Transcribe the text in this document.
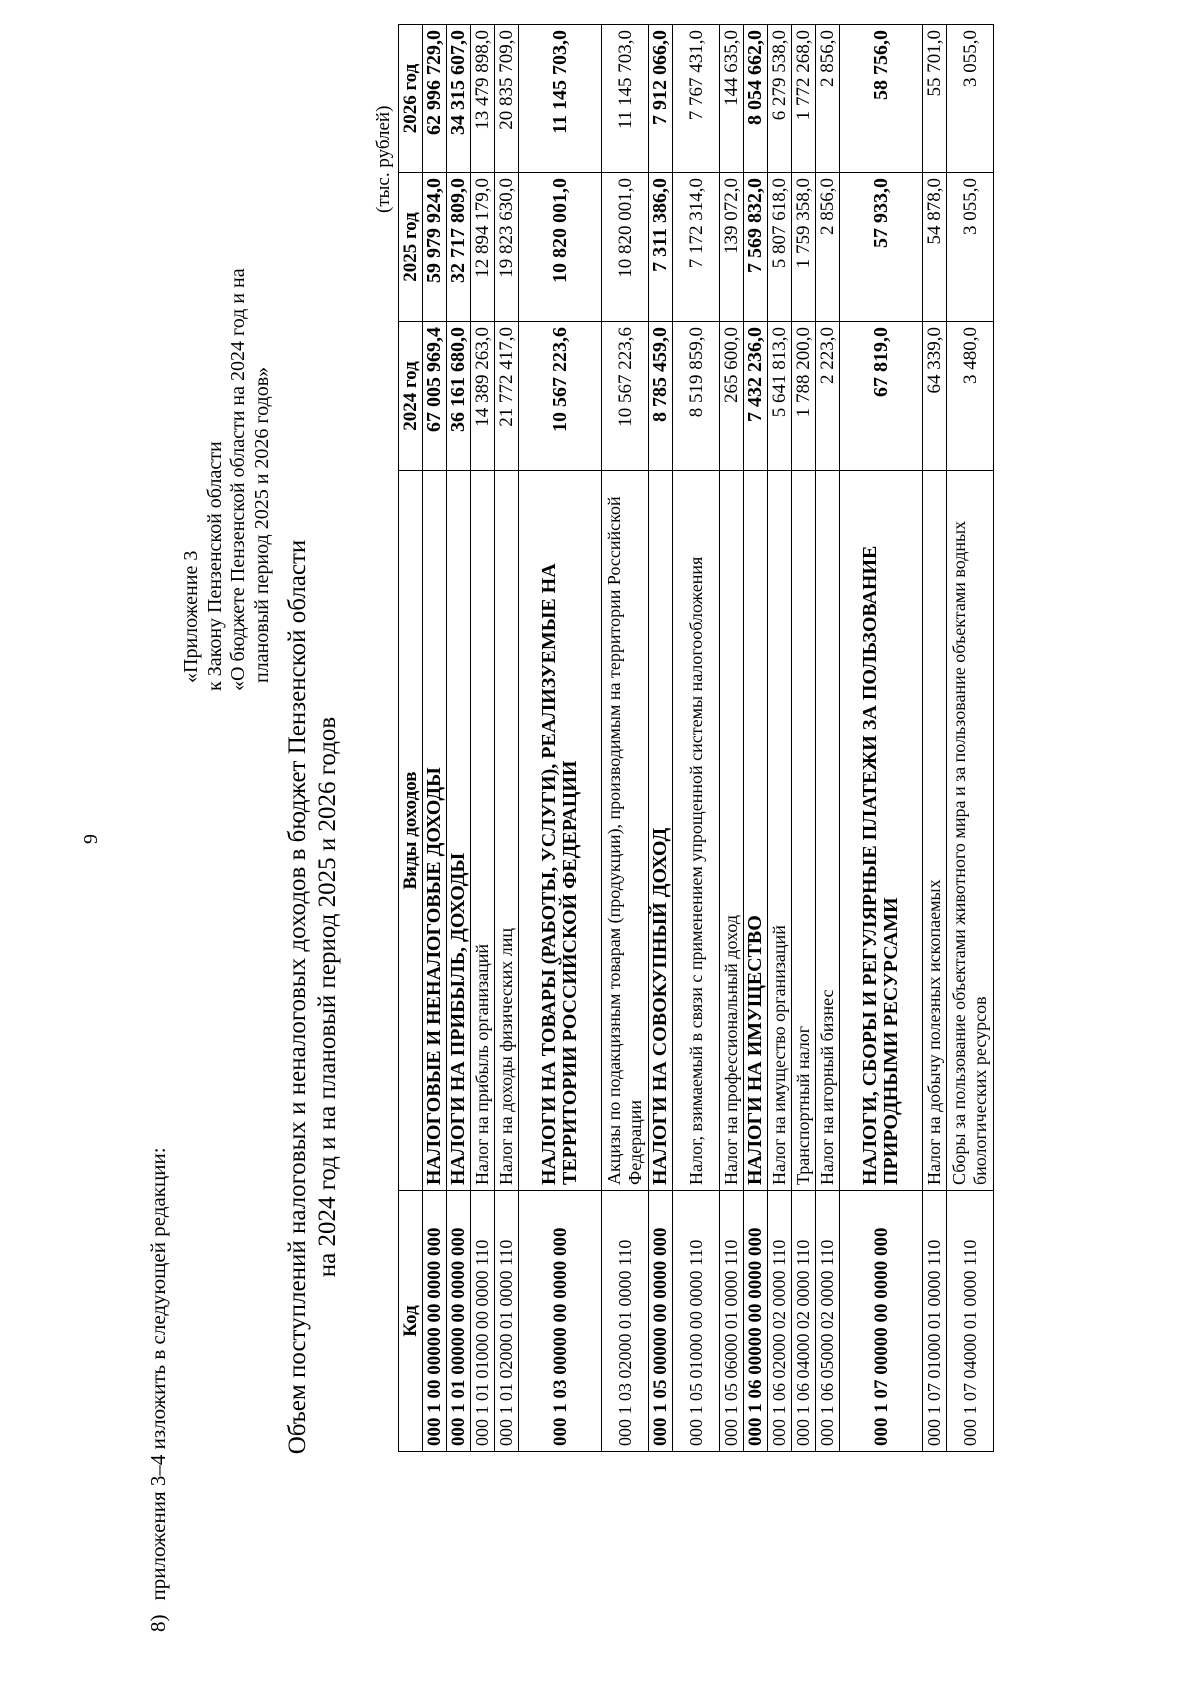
9
8)приложения 3–4 изложить в следующей редакции:
«Приложение 3 к Закону Пензенской области «О бюджете Пензенской области на 2024 год и на плановый период 2025 и 2026 годов»
Объем поступлений налоговых и неналоговых доходов в бюджет Пензенской области на 2024 год и на плановый период 2025 и 2026 годов
(тыс. рублей)
Код	Виды доходов	2024 год	2025 год	2026 год
000 1 00 00000 00 0000 000	НАЛОГОВЫЕ И НЕНАЛОГОВЫЕ ДОХОДЫ	67 005 969,4	59 979 924,0	62 996 729,0
000 1 01 00000 00 0000 000	НАЛОГИ НА ПРИБЫЛЬ, ДОХОДЫ	36 161 680,0	32 717 809,0	34 315 607,0
000 1 01 01000 00 0000 110	Налог на прибыль организаций	14 389 263,0	12 894 179,0	13 479 898,0
000 1 01 02000 01 0000 110	Налог на доходы физических лиц	21 772 417,0	19 823 630,0	20 835 709,0
000 1 03 00000 00 0000 000	НАЛОГИ НА ТОВАРЫ (РАБОТЫ, УСЛУГИ), РЕАЛИЗУЕМЫЕ НА ТЕРРИТОРИИ РОССИЙСКОЙ ФЕДЕРАЦИИ	10 567 223,6	10 820 001,0	11 145 703,0
000 1 03 02000 01 0000 110	Акцизы по подакцизным товарам (продукции), производимым на территории Российской Федерации	10 567 223,6	10 820 001,0	11 145 703,0
000 1 05 00000 00 0000 000	НАЛОГИ НА СОВОКУПНЫЙ ДОХОД	8 785 459,0	7 311 386,0	7 912 066,0
000 1 05 01000 00 0000 110	Налог, взимаемый в связи с применением упрощенной системы налогообложения	8 519 859,0	7 172 314,0	7 767 431,0
000 1 05 06000 01 0000 110	Налог на профессиональный доход	265 600,0	139 072,0	144 635,0
000 1 06 00000 00 0000 000	НАЛОГИ НА ИМУЩЕСТВО	7 432 236,0	7 569 832,0	8 054 662,0
000 1 06 02000 02 0000 110	Налог на имущество организаций	5 641 813,0	5 807 618,0	6 279 538,0
000 1 06 04000 02 0000 110	Транспортный налог	1 788 200,0	1 759 358,0	1 772 268,0
000 1 06 05000 02 0000 110	Налог на игорный бизнес	2 223,0	2 856,0	2 856,0
000 1 07 00000 00 0000 000	НАЛОГИ, СБОРЫ И РЕГУЛЯРНЫЕ ПЛАТЕЖИ ЗА ПОЛЬЗОВАНИЕ ПРИРОДНЫМИ РЕСУРСАМИ	67 819,0	57 933,0	58 756,0
000 1 07 01000 01 0000 110	Налог на добычу полезных ископаемых	64 339,0	54 878,0	55 701,0
000 1 07 04000 01 0000 110	Сборы за пользование объектами животного мира и за пользование объектами водных биологических ресурсов	3 480,0	3 055,0	3 055,0
